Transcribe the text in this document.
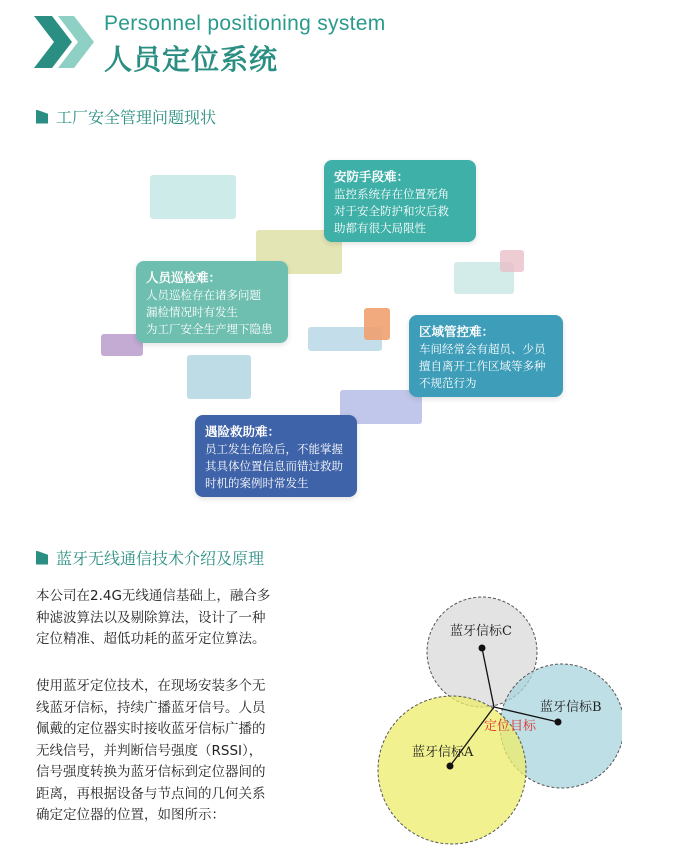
Personnel positioning system
人员定位系统
工厂安全管理问题现状
安防手段难：
监控系统存在位置死角
对于安全防护和灾后救
助都有很大局限性
人员巡检难：
人员巡检存在诸多问题
漏检情况时有发生
为工厂安全生产埋下隐患	区域管控难：
车间经常会有超员、少员
擅自离开工作区域等多种
不规范行为
遇险救助难：
员工发生危险后，不能掌握
其具体位置信息而错过救助
时机的案例时常发生
蓝牙无线通信技术介绍及原理
本公司在2.4G无线通信基础上，融合多
种滤波算法以及剔除算法，设计了一种
定位精准、超低功耗的蓝牙定位算法。
使用蓝牙定位技术，在现场安装多个无
线蓝牙信标，持续广播蓝牙信号。人员
佩戴的定位器实时接收蓝牙信标广播的
无线信号，并判断信号强度（RSSI），
信号强度转换为蓝牙信标到定位器间的
距离，再根据设备与节点间的几何关系
确定定位器的位置，如图所示：
蓝牙信标C
蓝牙信标B
蓝牙信标A
定位目标
